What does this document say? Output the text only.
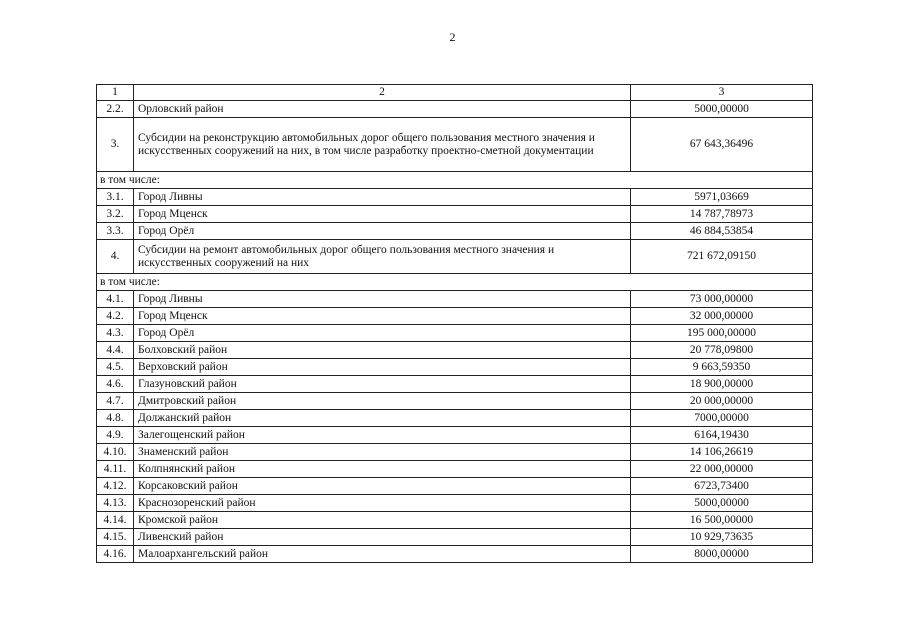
2
1	2	3
2.2.	Орловский район	5000,00000
3.	Субсидии на реконструкцию автомобильных дорог общего пользования местного значения и искусственных сооружений на них, в том числе разработку проектно-сметной документации	67 643,36496
в том числе:		
3.1.	Город Ливны	5971,03669
3.2.	Город Мценск	14 787,78973
3.3.	Город Орёл	46 884,53854
4.	Субсидии на ремонт автомобильных дорог общего пользования местного значения и искусственных сооружений на них	721 672,09150
в том числе:		
4.1.	Город Ливны	73 000,00000
4.2.	Город Мценск	32 000,00000
4.3.	Город Орёл	195 000,00000
4.4.	Болховский район	20 778,09800
4.5.	Верховский район	9 663,59350
4.6.	Глазуновский район	18 900,00000
4.7.	Дмитровский район	20 000,00000
4.8.	Должанский район	7000,00000
4.9.	Залегощенский район	6164,19430
4.10.	Знаменский район	14 106,26619
4.11.	Колпнянский район	22 000,00000
4.12.	Корсаковский район	6723,73400
4.13.	Краснозоренский район	5000,00000
4.14.	Кромской район	16 500,00000
4.15.	Ливенский район	10 929,73635
4.16.	Малоархангельский район	8000,00000
